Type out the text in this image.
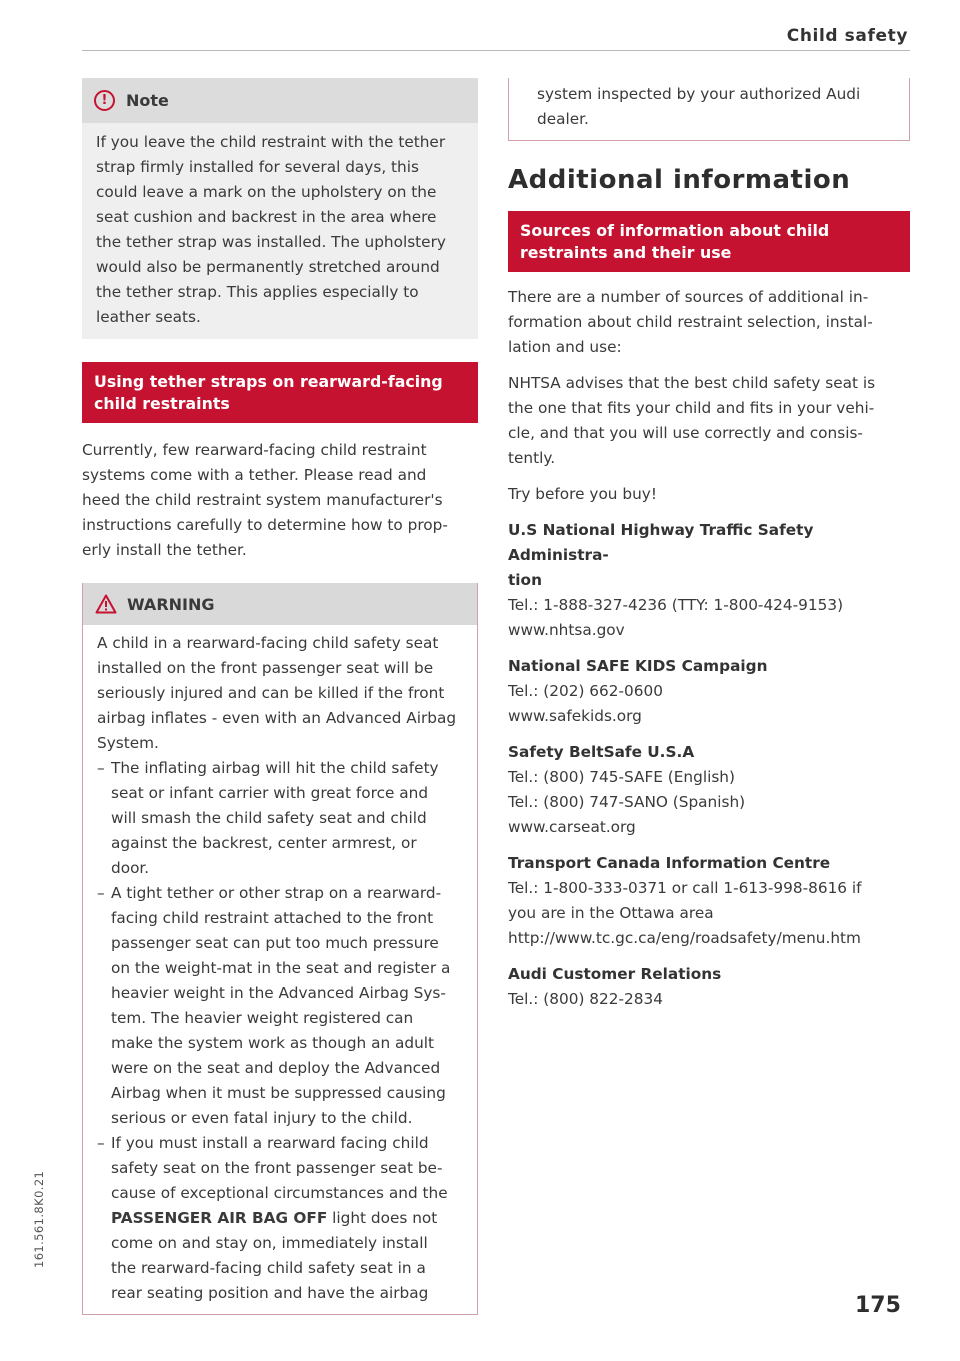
Child safety
!	Note
If you leave the child restraint with the tether
strap firmly installed for several days, this
could leave a mark on the upholstery on the
seat cushion and backrest in the area where
the tether strap was installed. The upholstery
would also be permanently stretched around
the tether strap. This applies especially to
leather seats.
Using tether straps on rearward-facing
child restraints
Currently, few rearward-facing child restraint
systems come with a tether. Please read and
heed the child restraint system manufacturer's
instructions carefully to determine how to prop-
erly install the tether.
WARNING
A child in a rearward-facing child safety seat
installed on the front passenger seat will be
seriously injured and can be killed if the front
airbag inflates - even with an Advanced Airbag
System.
– The inflating airbag will hit the child safety
seat or infant carrier with great force and
will smash the child safety seat and child
against the backrest, center armrest, or
door.
– A tight tether or other strap on a rearward-
facing child restraint attached to the front
passenger seat can put too much pressure
on the weight-mat in the seat and register a
heavier weight in the Advanced Airbag Sys-
tem. The heavier weight registered can
make the system work as though an adult
were on the seat and deploy the Advanced
Airbag when it must be suppressed causing
serious or even fatal injury to the child.
– If you must install a rearward facing child
safety seat on the front passenger seat be-
cause of exceptional circumstances and the
PASSENGER AIR BAG OFF light does not
come on and stay on, immediately install
the rearward-facing child safety seat in a
rear seating position and have the airbag
system inspected by your authorized Audi
dealer.
Additional information
Sources of information about child
restraints and their use
There are a number of sources of additional in-
formation about child restraint selection, instal-
lation and use:
NHTSA advises that the best child safety seat is
the one that fits your child and fits in your vehi-
cle, and that you will use correctly and consis-
tently.
Try before you buy!
U.S National Highway Traffic Safety Administra-
tion
Tel.: 1-888-327-4236 (TTY: 1-800-424-9153)
www.nhtsa.gov
National SAFE KIDS Campaign
Tel.: (202) 662-0600
www.safekids.org
Safety BeltSafe U.S.A
Tel.: (800) 745-SAFE (English)
Tel.: (800) 747-SANO (Spanish)
www.carseat.org
Transport Canada Information Centre
Tel.: 1-800-333-0371 or call 1-613-998-8616 if
you are in the Ottawa area
http://www.tc.gc.ca/eng/roadsafety/menu.htm
Audi Customer Relations
Tel.: (800) 822-2834
175
161.561.8K0.21
